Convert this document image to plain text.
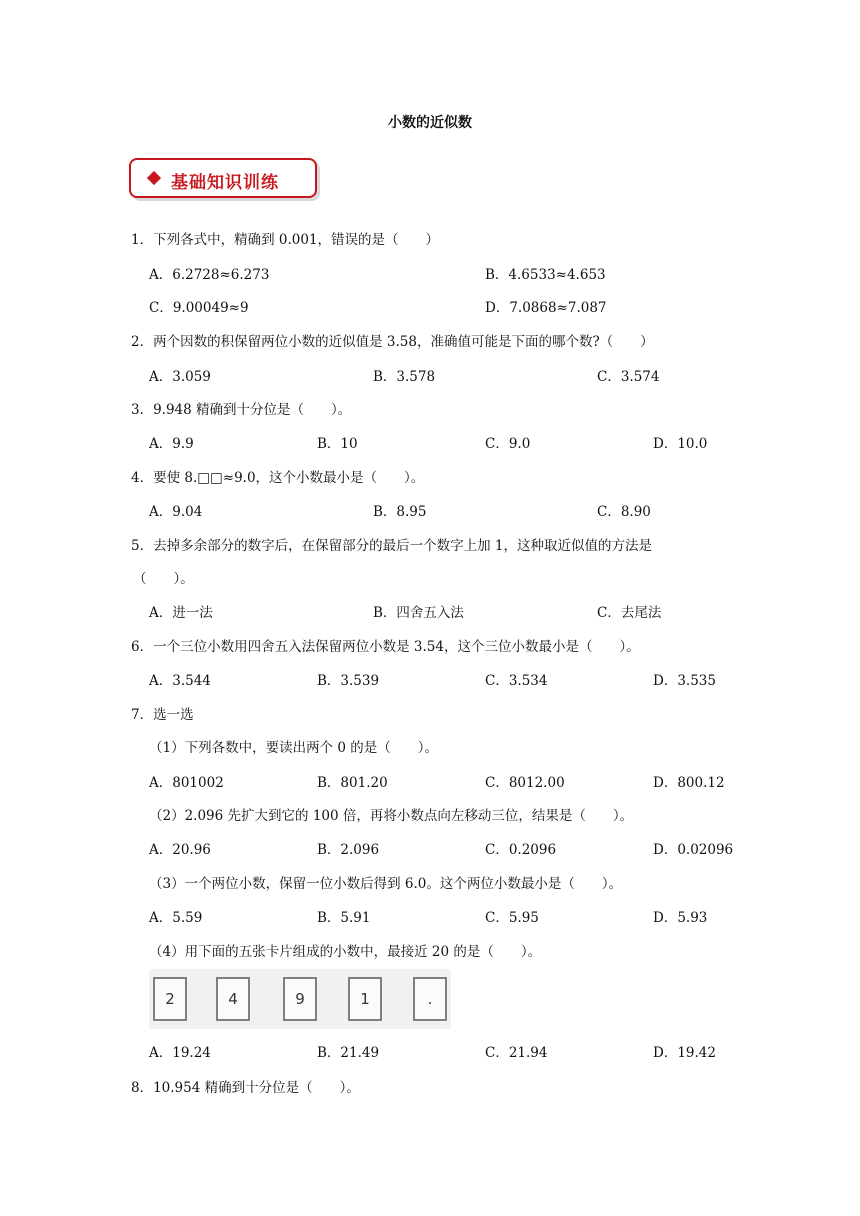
小数的近似数
基础知识训练
1．下列各式中，精确到 0.001，错误的是（　　）
A．6.2728≈6.273	B．4.6533≈4.653
C．9.00049≈9	D．7.0868≈7.087
2．两个因数的积保留两位小数的近似值是 3.58，准确值可能是下面的哪个数?（　　）
A．3.059	B．3.578	C．3.574
3．9.948 精确到十分位是（　　）。
A．9.9	B．10	C．9.0	D．10.0
4．要使 8.□□≈9.0，这个小数最小是（　　）。
A．9.04	B．8.95	C．8.90
5．去掉多余部分的数字后，在保留部分的最后一个数字上加 1，这种取近似值的方法是
（　　）。
A．进一法	B．四舍五入法	C．去尾法
6．一个三位小数用四舍五入法保留两位小数是 3.54，这个三位小数最小是（　　）。
A．3.544	B．3.539	C．3.534	D．3.535
7．选一选
（1）下列各数中，要读出两个 0 的是（　　）。
A．801002	B．801.20	C．8012.00	D．800.12
（2）2.096 先扩大到它的 100 倍，再将小数点向左移动三位，结果是（　　）。
A．20.96	B．2.096	C．0.2096	D．0.02096
（3）一个两位小数，保留一位小数后得到 6.0。这个两位小数最小是（　　）。
A．5.59	B．5.91	C．5.95	D．5.93
（4）用下面的五张卡片组成的小数中，最接近 20 的是（　　）。
2	4	9	1	.
A．19.24	B．21.49	C．21.94	D．19.42
8．10.954 精确到十分位是（　　）。
